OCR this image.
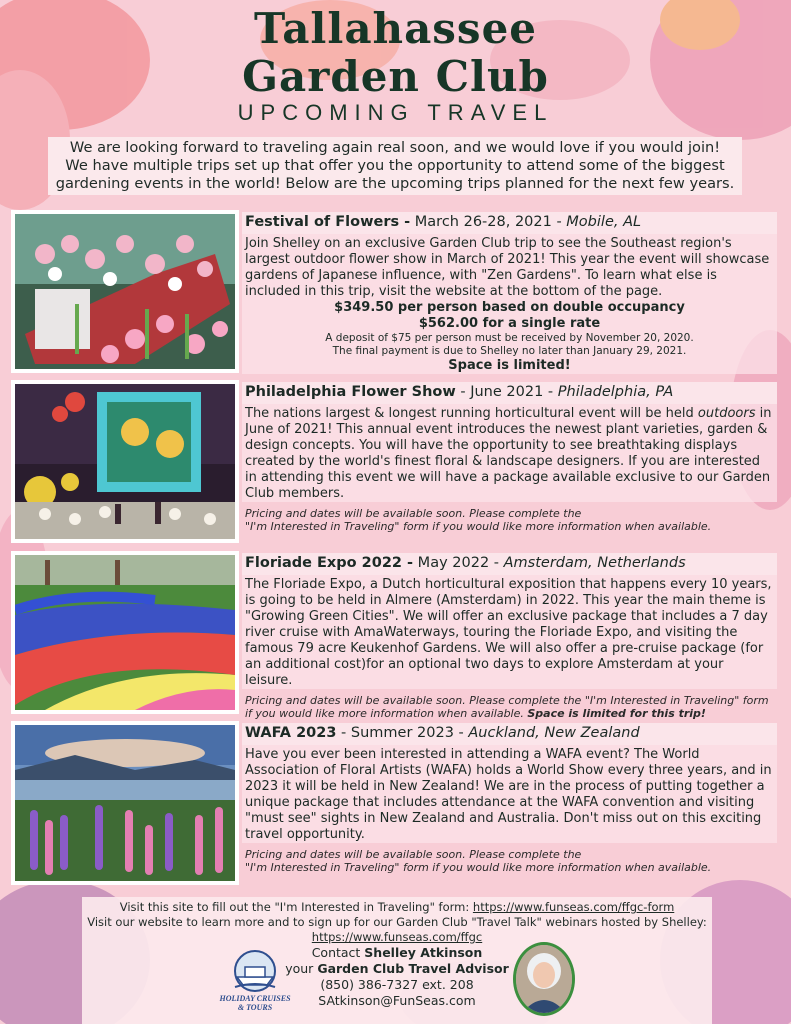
Tallahassee
Garden Club
UPCOMING TRAVEL
We are looking forward to traveling again real soon, and we would love if you would join!
We have multiple trips set up that offer you the opportunity to attend some of the biggest
gardening events in the world! Below are the upcoming trips planned for the next few years.
Festival of Flowers - March 26-28, 2021 - Mobile, AL
Join Shelley on an exclusive Garden Club trip to see the Southeast region's largest outdoor flower show in March of 2021! This year the event will showcase gardens of Japanese influence, with "Zen Gardens". To learn what else is included in this trip, visit the website at the bottom of the page.
$349.50 per person based on double occupancy
$562.00 for a single rate
A deposit of $75 per person must be received by November 20, 2020.
The final payment is due to Shelley no later than January 29, 2021.
Space is limited!
Philadelphia Flower Show - June 2021 - Philadelphia, PA
The nations largest & longest running horticultural event will be held outdoors in June of 2021! This annual event introduces the newest plant varieties, garden & design concepts. You will have the opportunity to see breathtaking displays created by the world's finest floral & landscape designers. If you are interested in attending this event we will have a package available exclusive to our Garden Club members.
Pricing and dates will be available soon. Please complete the
"I'm Interested in Traveling" form if you would like more information when available.
Floriade Expo 2022 - May 2022 - Amsterdam, Netherlands
The Floriade Expo, a Dutch horticultural exposition that happens every 10 years, is going to be held in Almere (Amsterdam) in 2022. This year the main theme is "Growing Green Cities". We will offer an exclusive package that includes a 7 day river cruise with AmaWaterways, touring the Floriade Expo, and visiting the famous 79 acre Keukenhof Gardens. We will also offer a pre-cruise package (for an additional cost)for an optional two days to explore Amsterdam at your leisure.
Pricing and dates will be available soon. Please complete the "I'm Interested in Traveling" form
if you would like more information when available. Space is limited for this trip!
WAFA 2023 - Summer 2023 - Auckland, New Zealand
Have you ever been interested in attending a WAFA event? The World Association of Floral Artists (WAFA) holds a World Show every three years, and in 2023 it will be held in New Zealand! We are in the process of putting together a unique package that includes attendance at the WAFA convention and visiting "must see" sights in New Zealand and Australia. Don't miss out on this exciting travel opportunity.
Pricing and dates will be available soon. Please complete the
"I'm Interested in Traveling" form if you would like more information when available.
Visit this site to fill out the "I'm Interested in Traveling" form: https://www.funseas.com/ffgc-form
Visit our website to learn more and to sign up for our Garden Club "Travel Talk" webinars hosted by Shelley:
https://www.funseas.com/ffgc
Contact Shelley Atkinson
your Garden Club Travel Advisor
(850) 386-7327 ext. 208
SAtkinson@FunSeas.com
HOLIDAY CRUISES
& TOURS
